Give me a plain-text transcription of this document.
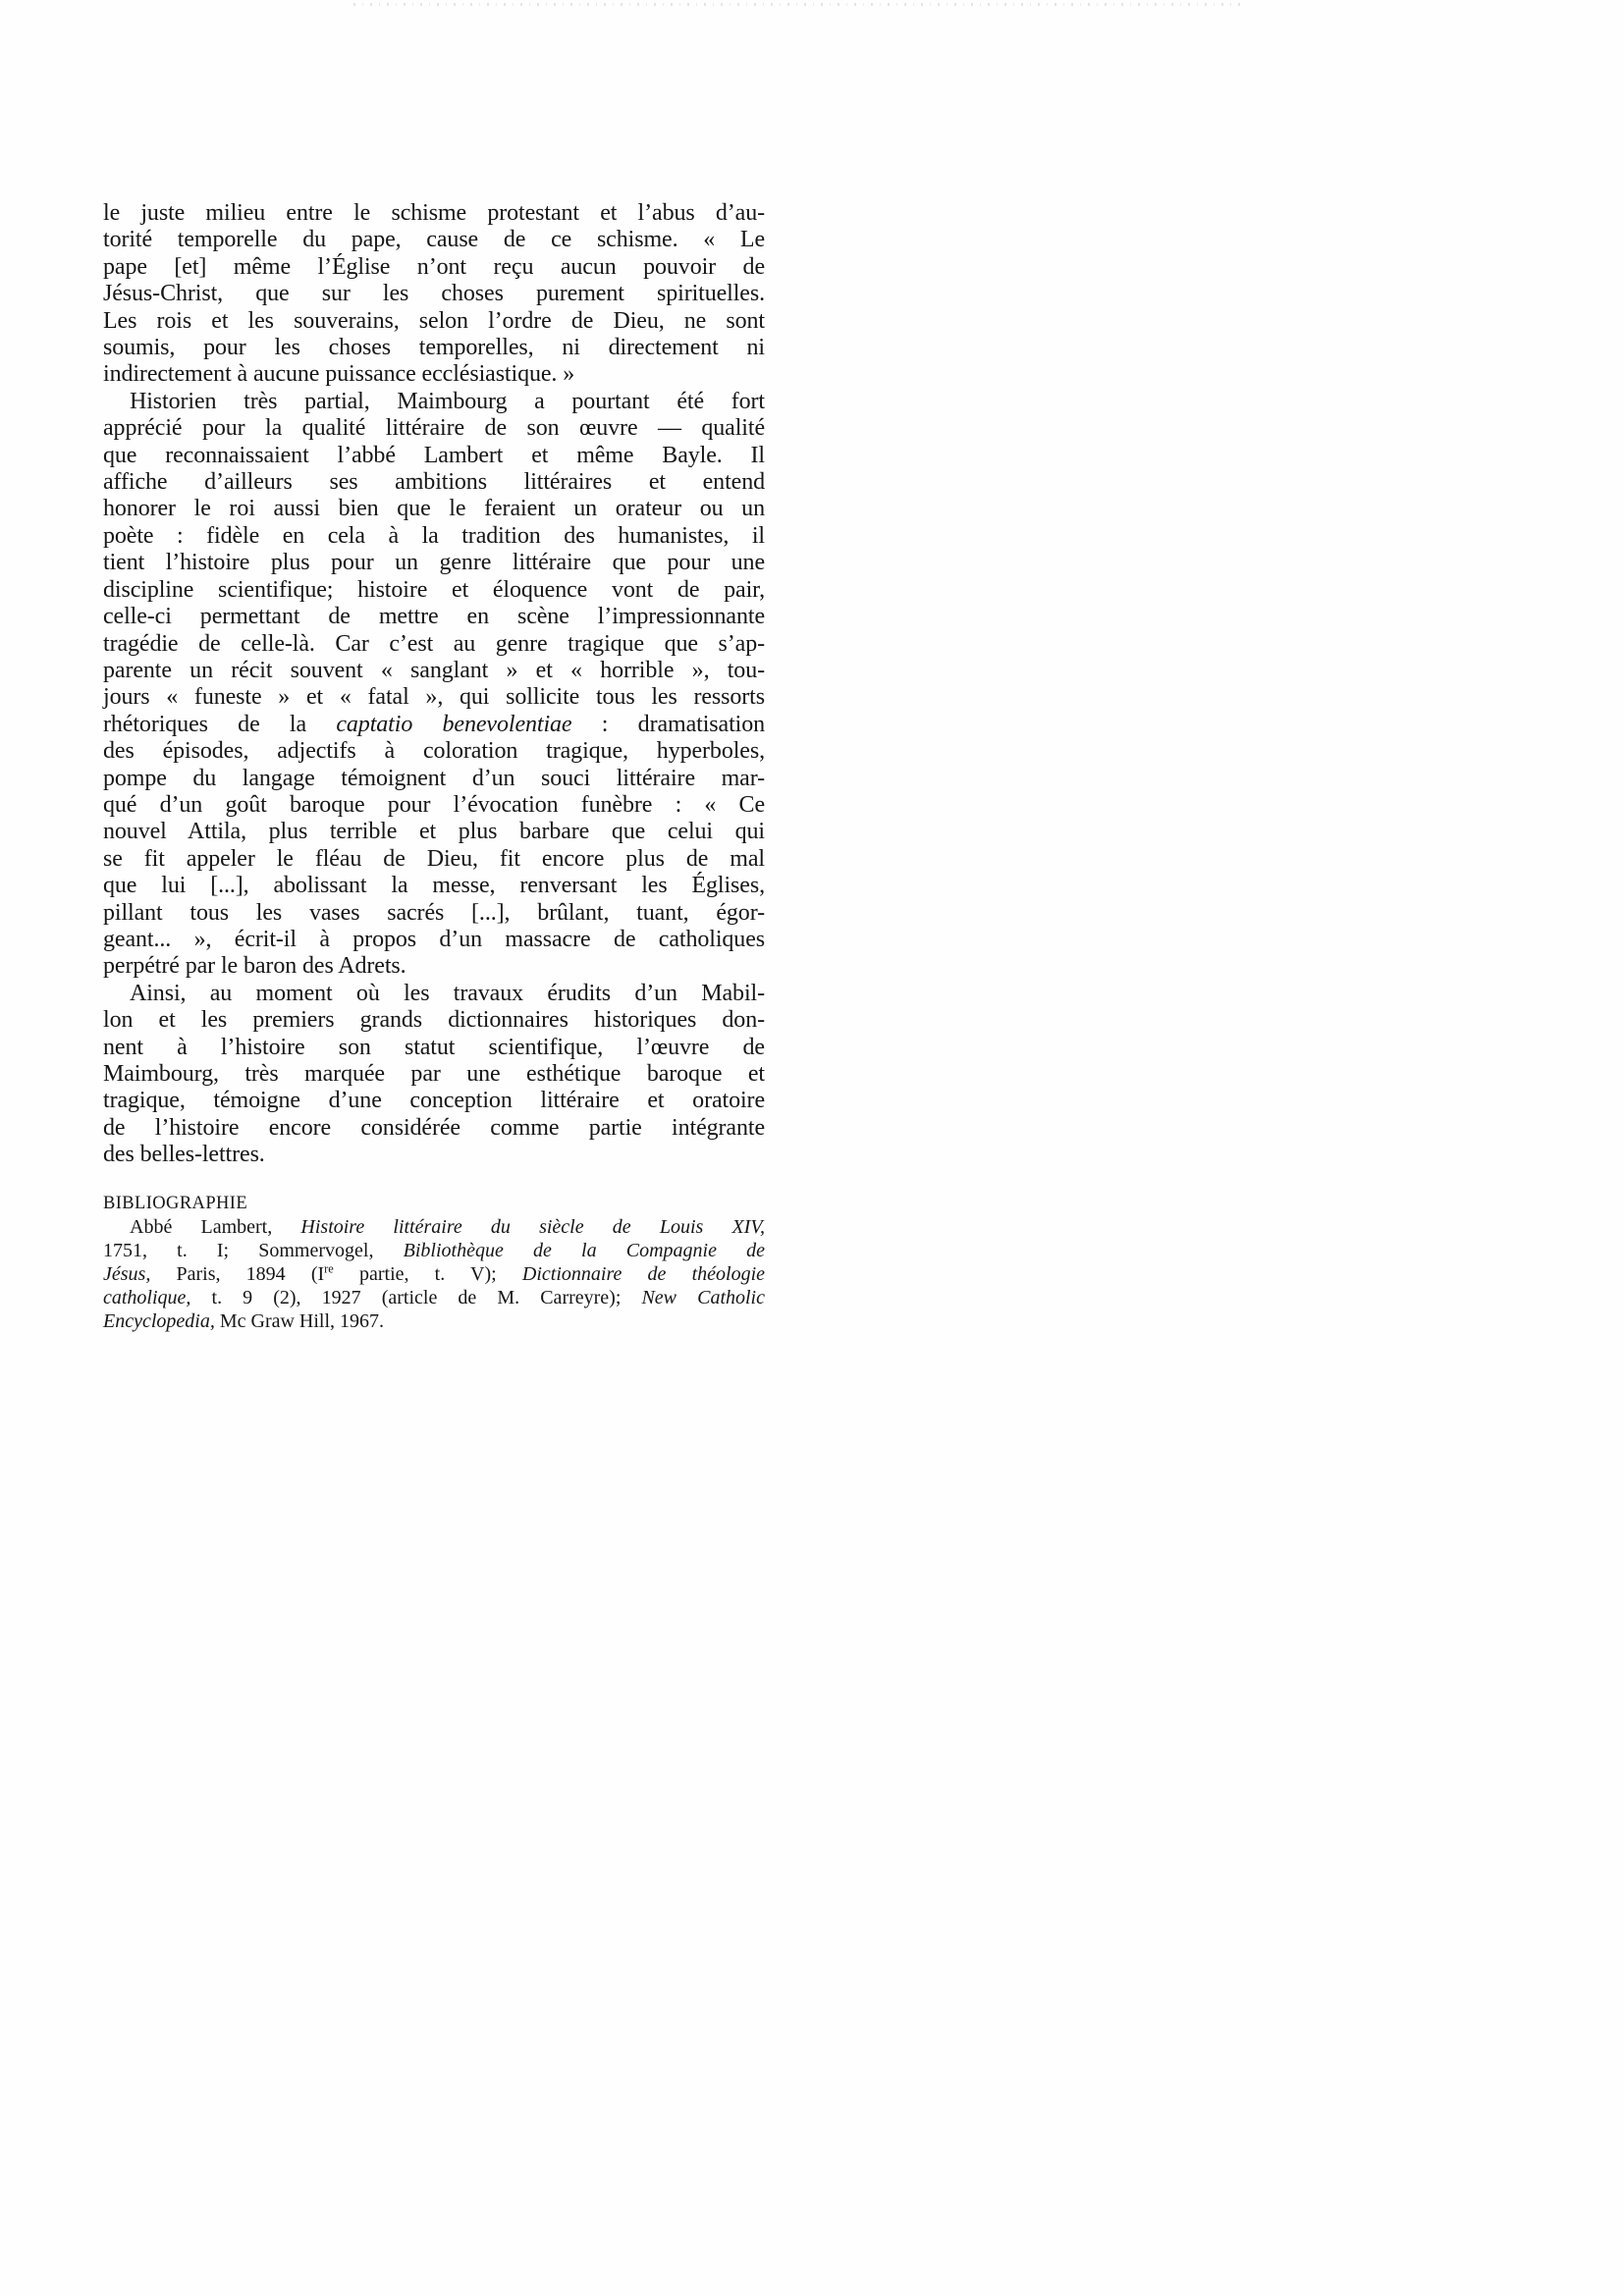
le juste milieu entre le schisme protestant et l’abus d’au-
torité temporelle du pape, cause de ce schisme. « Le
pape [et] même l’Église n’ont reçu aucun pouvoir de
Jésus-Christ, que sur les choses purement spirituelles.
Les rois et les souverains, selon l’ordre de Dieu, ne sont
soumis, pour les choses temporelles, ni directement ni
indirectement à aucune puissance ecclésiastique. »
Historien très partial, Maimbourg a pourtant été fort
apprécié pour la qualité littéraire de son œuvre — qualité
que reconnaissaient l’abbé Lambert et même Bayle. Il
affiche d’ailleurs ses ambitions littéraires et entend
honorer le roi aussi bien que le feraient un orateur ou un
poète : fidèle en cela à la tradition des humanistes, il
tient l’histoire plus pour un genre littéraire que pour une
discipline scientifique; histoire et éloquence vont de pair,
celle-ci permettant de mettre en scène l’impressionnante
tragédie de celle-là. Car c’est au genre tragique que s’ap-
parente un récit souvent « sanglant » et « horrible », tou-
jours « funeste » et « fatal », qui sollicite tous les ressorts
rhétoriques de la captatio benevolentiae : dramatisation
des épisodes, adjectifs à coloration tragique, hyperboles,
pompe du langage témoignent d’un souci littéraire mar-
qué d’un goût baroque pour l’évocation funèbre : « Ce
nouvel Attila, plus terrible et plus barbare que celui qui
se fit appeler le fléau de Dieu, fit encore plus de mal
que lui [...], abolissant la messe, renversant les Églises,
pillant tous les vases sacrés [...], brûlant, tuant, égor-
geant... », écrit-il à propos d’un massacre de catholiques
perpétré par le baron des Adrets.
Ainsi, au moment où les travaux érudits d’un Mabil-
lon et les premiers grands dictionnaires historiques don-
nent à l’histoire son statut scientifique, l’œuvre de
Maimbourg, très marquée par une esthétique baroque et
tragique, témoigne d’une conception littéraire et oratoire
de l’histoire encore considérée comme partie intégrante
des belles-lettres.
BIBLIOGRAPHIE
Abbé Lambert, Histoire littéraire du siècle de Louis XIV,
1751, t. I; Sommervogel, Bibliothèque de la Compagnie de
Jésus, Paris, 1894 (Ire partie, t. V); Dictionnaire de théologie
catholique, t. 9 (2), 1927 (article de M. Carreyre); New Catholic
Encyclopedia, Mc Graw Hill, 1967.
